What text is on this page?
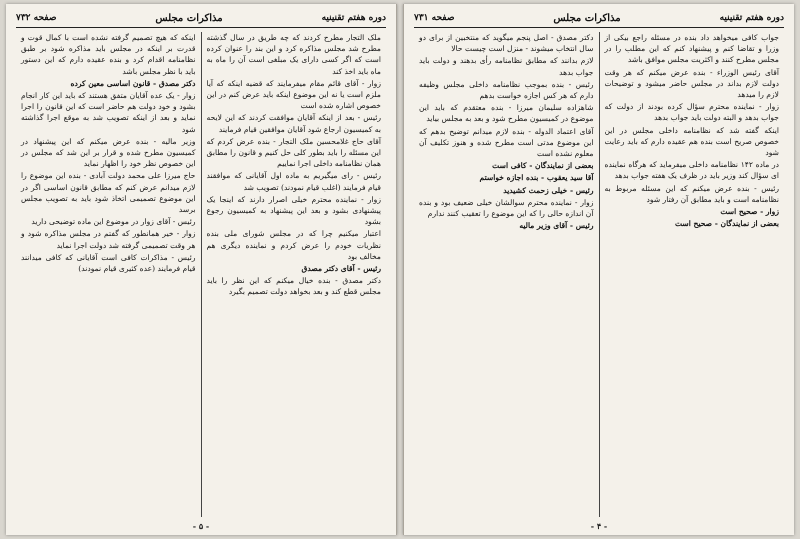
دوره هفتم تقنینیه
مذاکرات مجلس
صفحه ۷۳۲

ملک التجار مطرح کردند که چه طریق در سال گذشته مطرح شد مجلس مذاکره کرد و این بند را عنوان کرده است که اگر کسی دارای یک مبلغی است آن را ماه به ماه باید اخذ کند

زوار - آقای قائم مقام میفرمایند که قضیه اینکه که آیا ملزم است یا نه این موضوع اینکه باید عرض کنم در این خصوص اشاره شده است

رئیس - بعد از اینکه آقایان موافقت کردند که این لایحه به کمیسیون ارجاع شود آقایان موافقین قیام فرمایند

آقای حاج غلامحسین ملک التجار - بنده عرض کردم که این مسئله را باید بطور کلی حل کنیم و قانون را مطابق همان نظامنامه داخلی اجرا نماییم

رئیس - رای میگیریم به ماده اول آقایانی که موافقند قیام فرمایند (اغلب قیام نمودند) تصویب شد

زوار - نماینده محترم خیلی اصرار دارند که اینجا یک پیشنهادی بشود و بعد این پیشنهاد به کمیسیون رجوع بشود

اعتبار میکنیم چرا که در مجلس شورای ملی بنده نظریات خودم را عرض کردم و نماینده دیگری هم مخالف بود

رئیس - آقای دکتر مصدق

دکتر مصدق - بنده خیال میکنم که این نظر را باید مجلس قطع کند و بعد بخواهد دولت تصمیم بگیرد

اینکه که هیچ تصمیم گرفته نشده است با کمال قوت و قدرت بر اینکه در مجلس باید مذاکره شود بر طبق نظامنامه اقدام کرد و بنده عقیده دارم که این دستور باید با نظر مجلس باشد

دکتر مصدق - قانون اساسی معین کرده

زوار - یک عده آقایان متفق هستند که باید این کار انجام بشود و خود دولت هم حاضر است که این قانون را اجرا نماید و بعد از اینکه تصویب شد به موقع اجرا گذاشته شود

وزیر مالیه - بنده عرض میکنم که این پیشنهاد در کمیسیون مطرح شده و قرار بر این شد که مجلس در این خصوص نظر خود را اظهار نماید

حاج میرزا علی محمد دولت آبادی - بنده این موضوع را لازم میدانم عرض کنم که مطابق قانون اساسی اگر در این موضوع تصمیمی اتخاذ شود باید به تصویب مجلس برسد

رئیس - آقای زوار در موضوع این ماده توضیحی دارید

زوار - خیر همانطور که گفتم در مجلس مذاکره شود و هر وقت تصمیمی گرفته شد دولت اجرا نماید

رئیس - مذاکرات کافی است آقایانی که کافی میدانند قیام فرمایند (عده کثیری قیام نمودند)

- ۵ -
دوره هفتم تقنینیه
مذاکرات مجلس
صفحه ۷۳۱

جواب کافی میخواهد داد بنده در مسئله راجع بیکی از وزرا و تقاضا کنم و پیشنهاد کنم که این مطلب را در مجلس مطرح کنند و اکثریت مجلس موافق باشد

آقای رئیس الوزراء - بنده عرض میکنم که هر وقت دولت لازم بداند در مجلس حاضر میشود و توضیحات لازم را میدهد

زوار - نماینده محترم سؤال کرده بودند از دولت که جواب بدهد و البته دولت باید جواب بدهد

اینکه گفته شد که نظامنامه داخلی مجلس در این خصوص صریح است بنده هم عقیده دارم که باید رعایت شود

در ماده ۱۴۲ نظامنامه داخلی میفرماید که هرگاه نماینده ای سؤال کند وزیر باید در ظرف یک هفته جواب بدهد

رئیس - بنده عرض میکنم که این مسئله مربوط به نظامنامه است و باید مطابق آن رفتار شود

زوار - صحیح است

بعضی از نمایندگان - صحیح است

دکتر مصدق - اصل پنجم میگوید که منتخبین از برای دو سال انتخاب میشوند - منزل است چیست حالا

لازم بدانند که مطابق نظامنامه رأی بدهند و دولت باید جواب بدهد

رئیس - بنده بموجب نظامنامه داخلی مجلس وظیفه دارم که هر کس اجازه خواست بدهم

شاهزاده سلیمان میرزا - بنده معتقدم که باید این موضوع در کمیسیون مطرح شود و بعد به مجلس بیاید

آقای اعتماد الدوله - بنده لازم میدانم توضیح بدهم که این موضوع مدتی است مطرح شده و هنوز تکلیف آن معلوم نشده است

بعضی از نمایندگان - کافی است

آقا سید یعقوب - بنده اجازه خواستم

رئیس - خیلی زحمت کشیدید

زوار - نماینده محترم سوالشان خیلی ضعیف بود و بنده آن اندازه حالی را که این موضوع را تعقیب کنند ندارم

رئیس - آقای وزیر مالیه

- ۴ -
